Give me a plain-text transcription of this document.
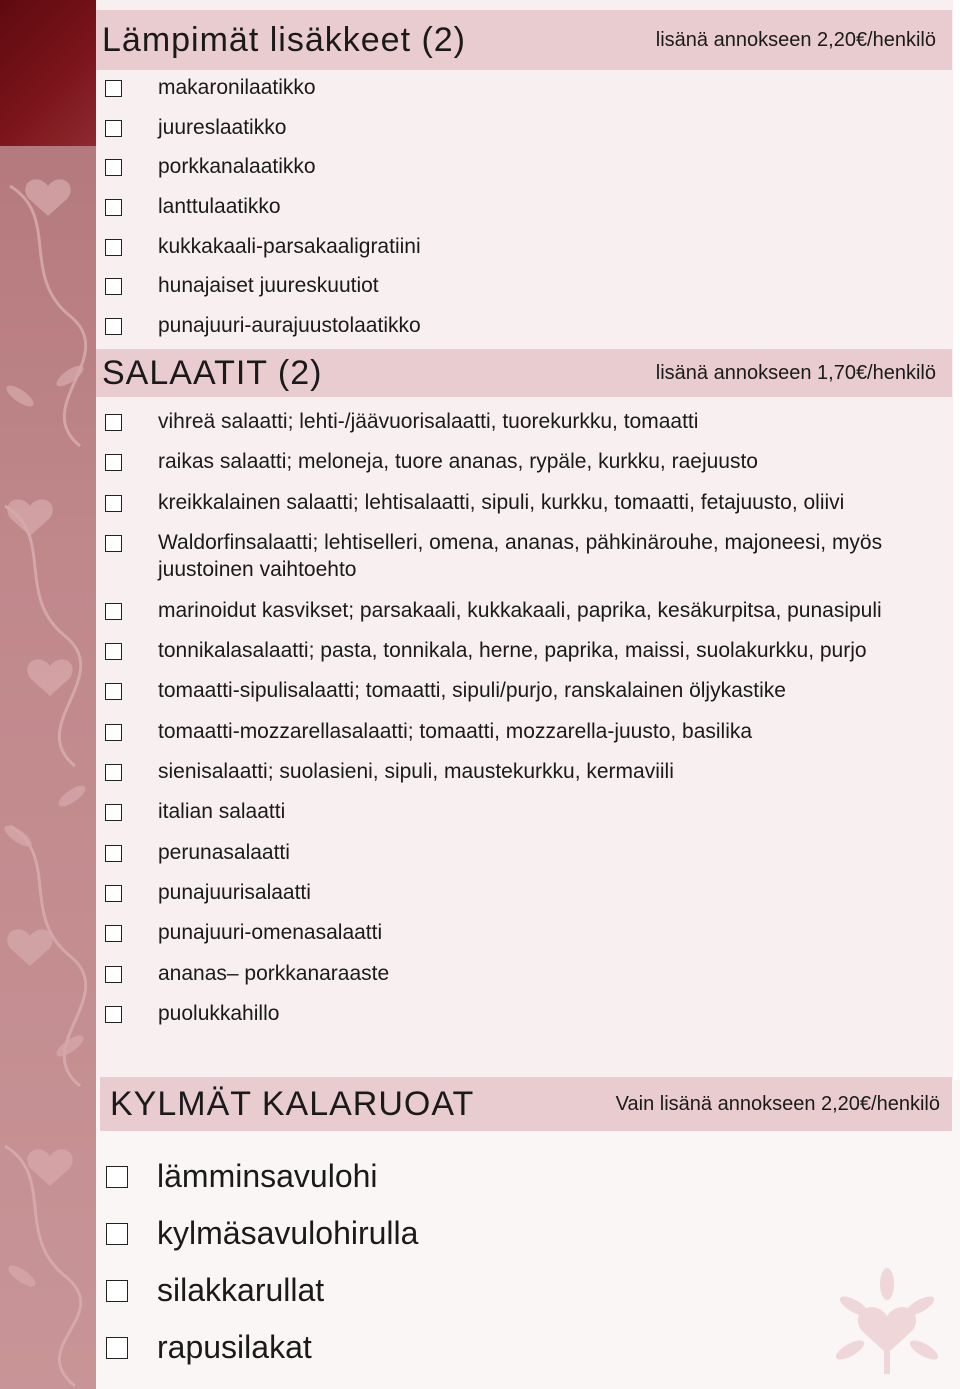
Lämpimät lisäkkeet (2)	lisänä annokseen 2,20€/henkilö
makaronilaatikko
juureslaatikko
porkkanalaatikko
lanttulaatikko
kukkakaali-parsakaaligratiini
hunajaiset juureskuutiot
punajuuri-aurajuustolaatikko
SALAATIT (2)	lisänä annokseen 1,70€/henkilö
vihreä salaatti; lehti-/jäävuorisalaatti, tuorekurkku, tomaatti
raikas salaatti; meloneja, tuore ananas, rypäle, kurkku, raejuusto
kreikkalainen salaatti; lehtisalaatti, sipuli, kurkku, tomaatti, fetajuusto, oliivi
Waldorfinsalaatti; lehtiselleri, omena, ananas, pähkinärouhe, majoneesi, myös juustoinen vaihtoehto
marinoidut kasvikset; parsakaali, kukkakaali, paprika, kesäkurpitsa, punasipuli
tonnikalasalaatti; pasta, tonnikala, herne, paprika, maissi, suolakurkku, purjo
tomaatti-sipulisalaatti; tomaatti, sipuli/purjo, ranskalainen öljykastike
tomaatti-mozzarellasalaatti; tomaatti, mozzarella-juusto, basilika
sienisalaatti; suolasieni, sipuli, maustekurkku, kermaviili
italian salaatti
perunasalaatti
punajuurisalaatti
punajuuri-omenasalaatti
ananas– porkkanaraaste
puolukkahillo
KYLMÄT KALARUOAT	Vain lisänä annokseen 2,20€/henkilö
lämminsavulohi
kylmäsavulohirulla
silakkarullat
rapusilakat
